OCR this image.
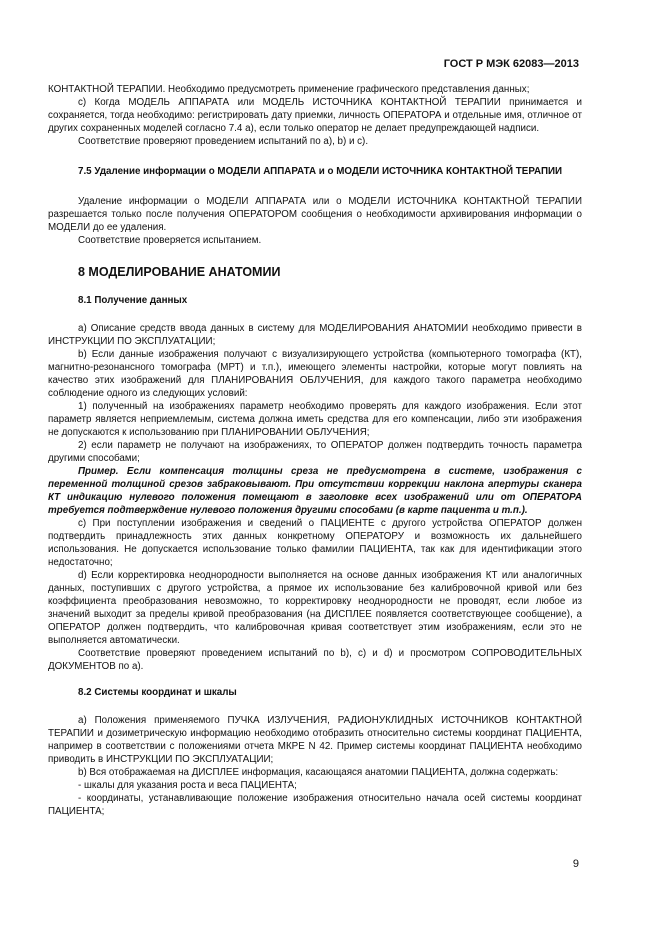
ГОСТ Р МЭК 62083—2013

КОНТАКТНОЙ ТЕРАПИИ. Необходимо предусмотреть применение графического представления данных;

c) Когда МОДЕЛЬ АППАРАТА или МОДЕЛЬ ИСТОЧНИКА КОНТАКТНОЙ ТЕРАПИИ принимается и сохраняется, тогда необходимо: регистрировать дату приемки, личность ОПЕРАТОРА и отдельные имя, отличное от других сохраненных моделей согласно 7.4 a), если только оператор не делает предупреждающей надписи.

Соответствие проверяют проведением испытаний по а), b) и с).

7.5 Удаление информации о МОДЕЛИ АППАРАТА и о МОДЕЛИ ИСТОЧНИКА КОНТАКТНОЙ ТЕРАПИИ

Удаление информации о МОДЕЛИ АППАРАТА или о МОДЕЛИ ИСТОЧНИКА КОНТАКТНОЙ ТЕРАПИИ разрешается только после получения ОПЕРАТОРОМ сообщения о необходимости архивирования информации о МОДЕЛИ до ее удаления.

Соответствие проверяется испытанием.

8 МОДЕЛИРОВАНИЕ АНАТОМИИ

8.1 Получение данных

а) Описание средств ввода данных в систему для МОДЕЛИРОВАНИЯ АНАТОМИИ необходимо привести в ИНСТРУКЦИИ ПО ЭКСПЛУАТАЦИИ;

b) Если данные изображения получают с визуализирующего устройства (компьютерного томографа (КТ), магнитно-резонансного томографа (МРТ) и т.п.), имеющего элементы настройки, которые могут повлиять на качество этих изображений для ПЛАНИРОВАНИЯ ОБЛУЧЕНИЯ, для каждого такого параметра необходимо соблюдение одного из следующих условий:

1) полученный на изображениях параметр необходимо проверять для каждого изображения. Если этот параметр является неприемлемым, система должна иметь средства для его компенсации, либо эти изображения не допускаются к использованию при ПЛАНИРОВАНИИ ОБЛУЧЕНИЯ;

2) если параметр не получают на изображениях, то ОПЕРАТОР должен подтвердить точность параметра другими способами;

Пример. Если компенсация толщины среза не предусмотрена в системе, изображения с переменной толщиной срезов забраковывают. При отсутствии коррекции наклона апертуры сканера КТ индикацию нулевого положения помещают в заголовке всех изображений или от ОПЕРАТОРА требуется подтверждение нулевого положения другими способами (в карте пациента и т.п.).

c) При поступлении изображения и сведений о ПАЦИЕНТЕ с другого устройства ОПЕРАТОР должен подтвердить принадлежность этих данных конкретному ОПЕРАТОРУ и возможность их дальнейшего использования. Не допускается использование только фамилии ПАЦИЕНТА, так как для идентификации этого недостаточно;

d) Если корректировка неоднородности выполняется на основе данных изображения КТ или аналогичных данных, поступивших с другого устройства, а прямое их использование без калибровочной кривой или без коэффициента преобразования невозможно, то корректировку неоднородности не проводят, если любое из значений выходит за пределы кривой преобразования (на ДИСПЛЕЕ появляется соответствующее сообщение), а ОПЕРАТОР должен подтвердить, что калибровочная кривая соответствует этим изображениям, если это не выполняется автоматически.

Соответствие проверяют проведением испытаний по b), с) и d) и просмотром СОПРОВОДИТЕЛЬНЫХ ДОКУМЕНТОВ по а).

8.2 Системы координат и шкалы

а) Положения применяемого ПУЧКА ИЗЛУЧЕНИЯ, РАДИОНУКЛИДНЫХ ИСТОЧНИКОВ КОНТАКТНОЙ ТЕРАПИИ и дозиметрическую информацию необходимо отобразить относительно системы координат ПАЦИЕНТА, например в соответствии с положениями отчета МКРЕ N 42. Пример системы координат ПАЦИЕНТА необходимо приводить в ИНСТРУКЦИИ ПО ЭКСПЛУАТАЦИИ;

b) Вся отображаемая на ДИСПЛЕЕ информация, касающаяся анатомии ПАЦИЕНТА, должна содержать:

- шкалы для указания роста и веса ПАЦИЕНТА;

- координаты, устанавливающие положение изображения относительно начала осей системы координат ПАЦИЕНТА;

9
